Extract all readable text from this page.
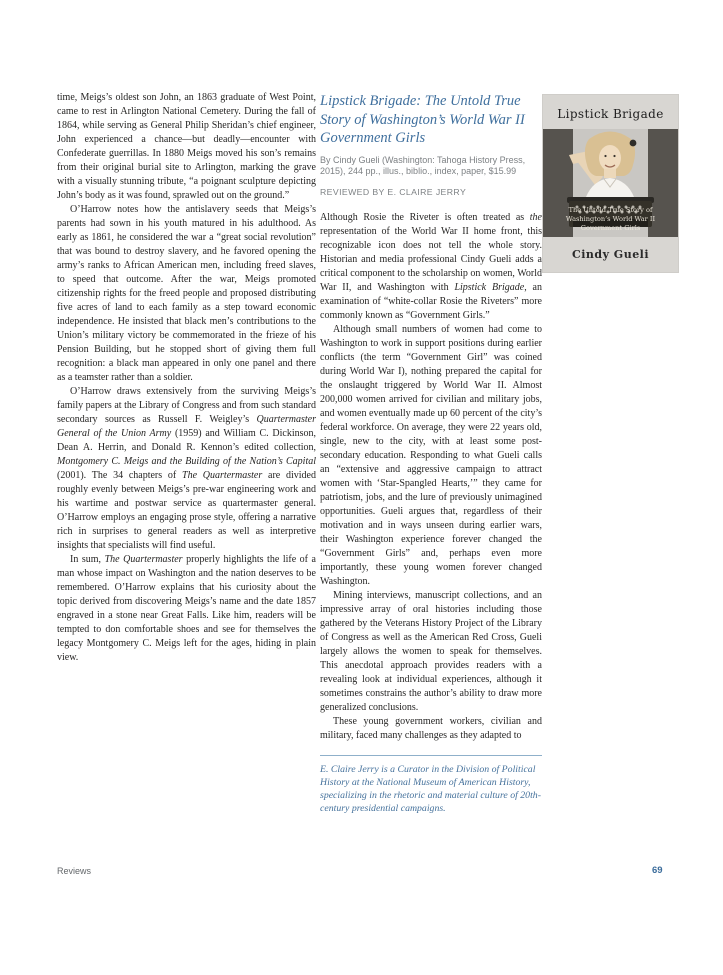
time, Meigs’s oldest son John, an 1863 graduate of West Point, came to rest in Arlington National Cemetery. During the fall of 1864, while serving as General Philip Sheridan’s chief engineer, John experienced a chance—but deadly—encounter with Confederate guerrillas. In 1880 Meigs moved his son’s remains from their original burial site to Arlington, marking the grave with a visually stunning tribute, “a poignant sculpture depicting John’s body as it was found, sprawled out on the ground.”

O’Harrow notes how the antislavery seeds that Meigs’s parents had sown in his youth matured in his adulthood. As early as 1861, he considered the war a “great social revolution” that was bound to destroy slavery, and he favored opening the army’s ranks to African American men, including freed slaves, to speed that outcome. After the war, Meigs promoted citizenship rights for the freed people and proposed distributing five acres of land to each family as a step toward economic independence. He insisted that black men’s contributions to the Union’s military victory be commemorated in the frieze of his Pension Building, but he stopped short of giving them full recognition: a black man appeared in only one panel and there as a teamster rather than a soldier.

O’Harrow draws extensively from the surviving Meigs’s family papers at the Library of Congress and from such standard secondary sources as Russell F. Weigley’s Quartermaster General of the Union Army (1959) and William C. Dickinson, Dean A. Herrin, and Donald R. Kennon’s edited collection, Montgomery C. Meigs and the Building of the Nation’s Capital (2001). The 34 chapters of The Quartermaster are divided roughly evenly between Meigs’s pre-war engineering work and his wartime and postwar service as quartermaster general. O’Harrow employs an engaging prose style, offering a narrative rich in surprises to general readers as well as interpretive insights that specialists will find useful.

In sum, The Quartermaster properly highlights the life of a man whose impact on Washington and the nation deserves to be remembered. O’Harrow explains that his curiosity about the topic derived from discovering Meigs’s name and the date 1857 engraved in a stone near Great Falls. Like him, readers will be tempted to don comfortable shoes and see for themselves the legacy Montgomery C. Meigs left for the ages, hiding in plain view.

Lipstick Brigade: The Untold True Story of Washington’s World War II Government Girls

By Cindy Gueli (Washington: Tahoga History Press, 2015), 244 pp., illus., biblio., index, paper, $15.99

REVIEWED BY E. CLAIRE JERRY

Although Rosie the Riveter is often treated as the representation of the World War II home front, this recognizable icon does not tell the whole story. Historian and media professional Cindy Gueli adds a critical component to the scholarship on women, World War II, and Washington with Lipstick Brigade, an examination of “white-collar Rosie the Riveters” more commonly known as “Government Girls.”

Although small numbers of women had come to Washington to work in support positions during earlier conflicts (the term “Government Girl” was coined during World War I), nothing prepared the capital for the onslaught triggered by World War II. Almost 200,000 women arrived for civilian and military jobs, and women eventually made up 60 percent of the city’s federal workforce. On average, they were 22 years old, single, new to the city, with at least some post-secondary education. Responding to what Gueli calls an “extensive and aggressive campaign to attract women with ‘Star-Spangled Hearts,’” they came for patriotism, jobs, and the lure of previously unimagined opportunities. Gueli argues that, regardless of their motivation and in ways unseen during earlier wars, their Washington experience forever changed the “Government Girls” and, perhaps even more importantly, these young women forever changed Washington.

Mining interviews, manuscript collections, and an impressive array of oral histories including those gathered by the Veterans History Project of the Library of Congress as well as the American Red Cross, Gueli largely allows the women to speak for themselves. This anecdotal approach provides readers with a revealing look at individual experiences, although it sometimes constrains the author’s ability to draw more generalized conclusions.

These young government workers, civilian and military, faced many challenges as they adapted to

E. Claire Jerry is a Curator in the Division of Political History at the National Museum of American History, specializing in the rhetoric and material culture of 20th-century presidential campaigns.

Lipstick Brigade
The Untold True Story of
Washington’s World War II
Government Girls
Cindy Gueli
Reviews	69
